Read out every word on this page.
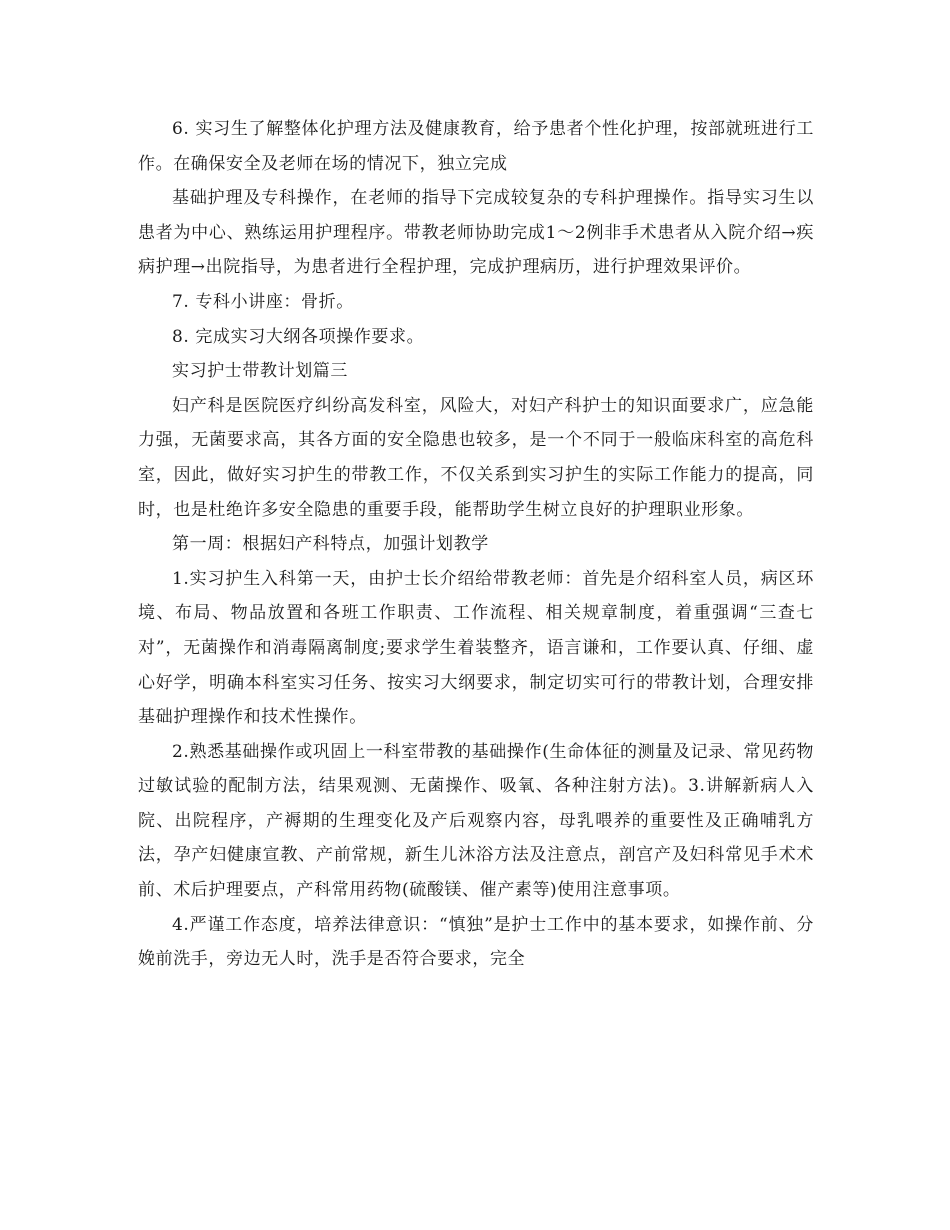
6. 实习生了解整体化护理方法及健康教育，给予患者个性化护理，按部就班进行工作。在确保安全及老师在场的情况下，独立完成

基础护理及专科操作，在老师的指导下完成较复杂的专科护理操作。指导实习生以患者为中心、熟练运用护理程序。带教老师协助完成1～2例非手术患者从入院介绍→疾病护理→出院指导，为患者进行全程护理，完成护理病历，进行护理效果评价。

7. 专科小讲座：骨折。

8. 完成实习大纲各项操作要求。

实习护士带教计划篇三

妇产科是医院医疗纠纷高发科室，风险大，对妇产科护士的知识面要求广，应急能力强，无菌要求高，其各方面的安全隐患也较多，是一个不同于一般临床科室的高危科室，因此，做好实习护生的带教工作，不仅关系到实习护生的实际工作能力的提高，同时，也是杜绝许多安全隐患的重要手段，能帮助学生树立良好的护理职业形象。

第一周：根据妇产科特点，加强计划教学

1.实习护生入科第一天，由护士长介绍给带教老师：首先是介绍科室人员，病区环境、布局、物品放置和各班工作职责、工作流程、相关规章制度，着重强调“三查七对”，无菌操作和消毒隔离制度;要求学生着装整齐，语言谦和，工作要认真、仔细、虚心好学，明确本科室实习任务、按实习大纲要求，制定切实可行的带教计划，合理安排基础护理操作和技术性操作。

2.熟悉基础操作或巩固上一科室带教的基础操作(生命体征的测量及记录、常见药物过敏试验的配制方法，结果观测、无菌操作、吸氧、各种注射方法)。3.讲解新病人入院、出院程序，产褥期的生理变化及产后观察内容，母乳喂养的重要性及正确哺乳方法，孕产妇健康宣教、产前常规，新生儿沐浴方法及注意点，剖宫产及妇科常见手术术前、术后护理要点，产科常用药物(硫酸镁、催产素等)使用注意事项。

4.严谨工作态度，培养法律意识：“慎独”是护士工作中的基本要求，如操作前、分娩前洗手，旁边无人时，洗手是否符合要求，完全
